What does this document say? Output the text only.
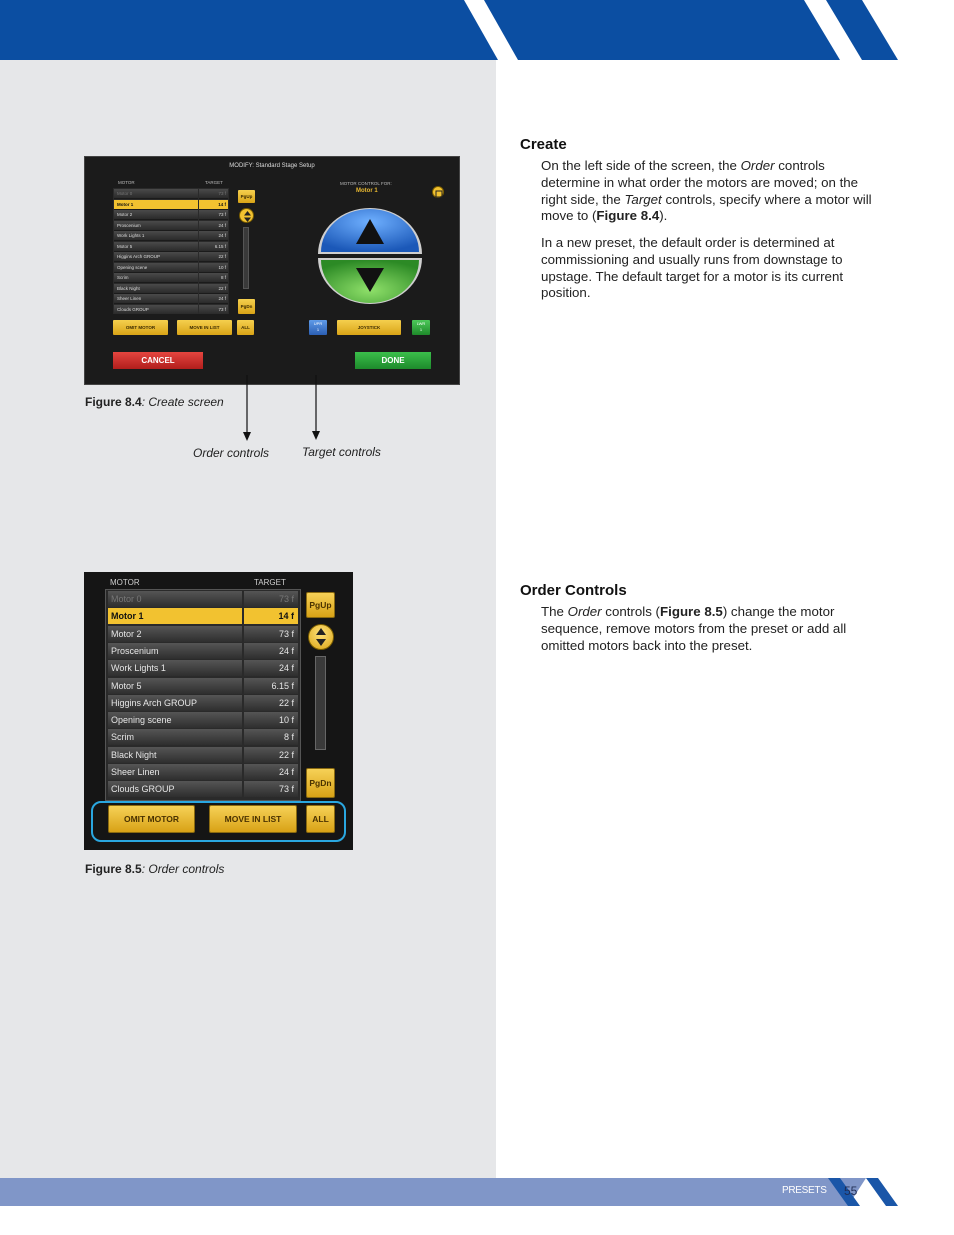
MODIFY: Standard Stage Setup
MOTOR	TARGET	MOTOR CONTROL FOR:
Motor 1
Motor 0	73 f
Motor 1	14 f
Motor 2	73 f
Proscenium	24 f
Work Lights 1	24 f
Motor 5	6.15 f
Higgins Arch GROUP	22 f
Opening scene	10 f
Scrim	8 f
Black Night	22 f
Sheer Linen	24 f
Clouds GROUP	73 f
PgUp
PgDn
OMIT MOTOR	MOVE IN LIST	ALL
UPR
1	JOYSTICK
LWR
1
CANCEL	DONE
Figure 8.4: Create screen
Order controls	Target controls
MOTOR	TARGET
Motor 0	73 f
Motor 1	14 f
Motor 2	73 f
Proscenium	24 f
Work Lights 1	24 f
Motor 5	6.15 f
Higgins Arch GROUP	22 f
Opening scene	10 f
Scrim	8 f
Black Night	22 f
Sheer Linen	24 f
Clouds GROUP	73 f
PgUp
PgDn
OMIT MOTOR	MOVE IN LIST	ALL
Figure 8.5: Order controls
Create
On the left side of the screen, the Order controls determine in what order the motors are moved; on the right side, the Target controls, specify where a motor will move to (Figure 8.4).
In a new preset, the default order is determined at commissioning and usually runs from downstage to upstage. The default target for a motor is its current position.
Order Controls
The Order controls (Figure 8.5) change the motor sequence, remove motors from the preset or add all omitted motors back into the preset.
PRESETS 55
